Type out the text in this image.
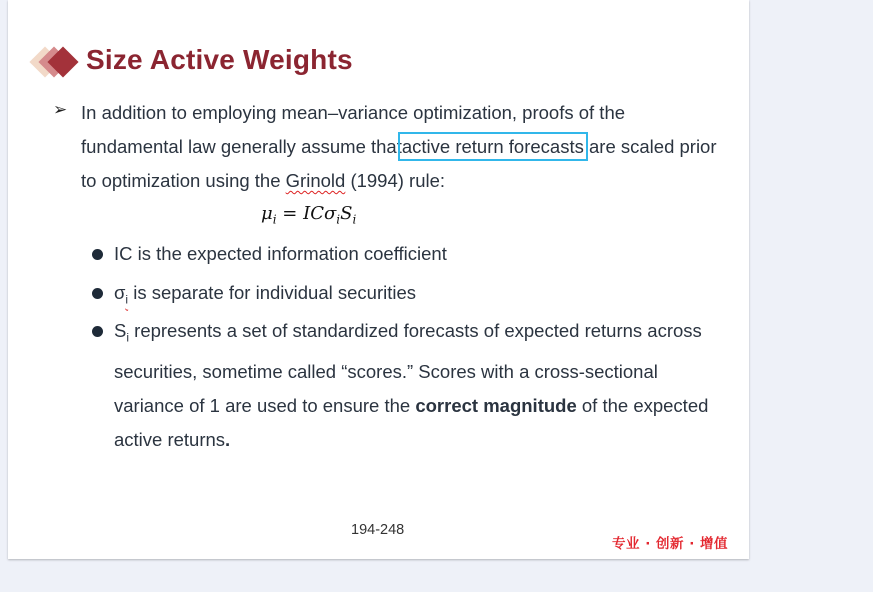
Size Active Weights
➢ In addition to employing mean–variance optimization, proofs of the fundamental law generally assume thatactive return forecasts are scaled prior to optimization using the Grinold (1994) rule:
$\mu_i = IC\sigma_iS_i$
IC is the expected information coefficient
$\sigma_i$ is separate for individual securities
$S_i$ represents a set of standardized forecasts of expected returns across securities, sometime called “scores.” Scores with a cross-sectional variance of 1 are used to ensure the correct magnitude of the expected active returns.
194-248
专业 · 创新 · 增值
